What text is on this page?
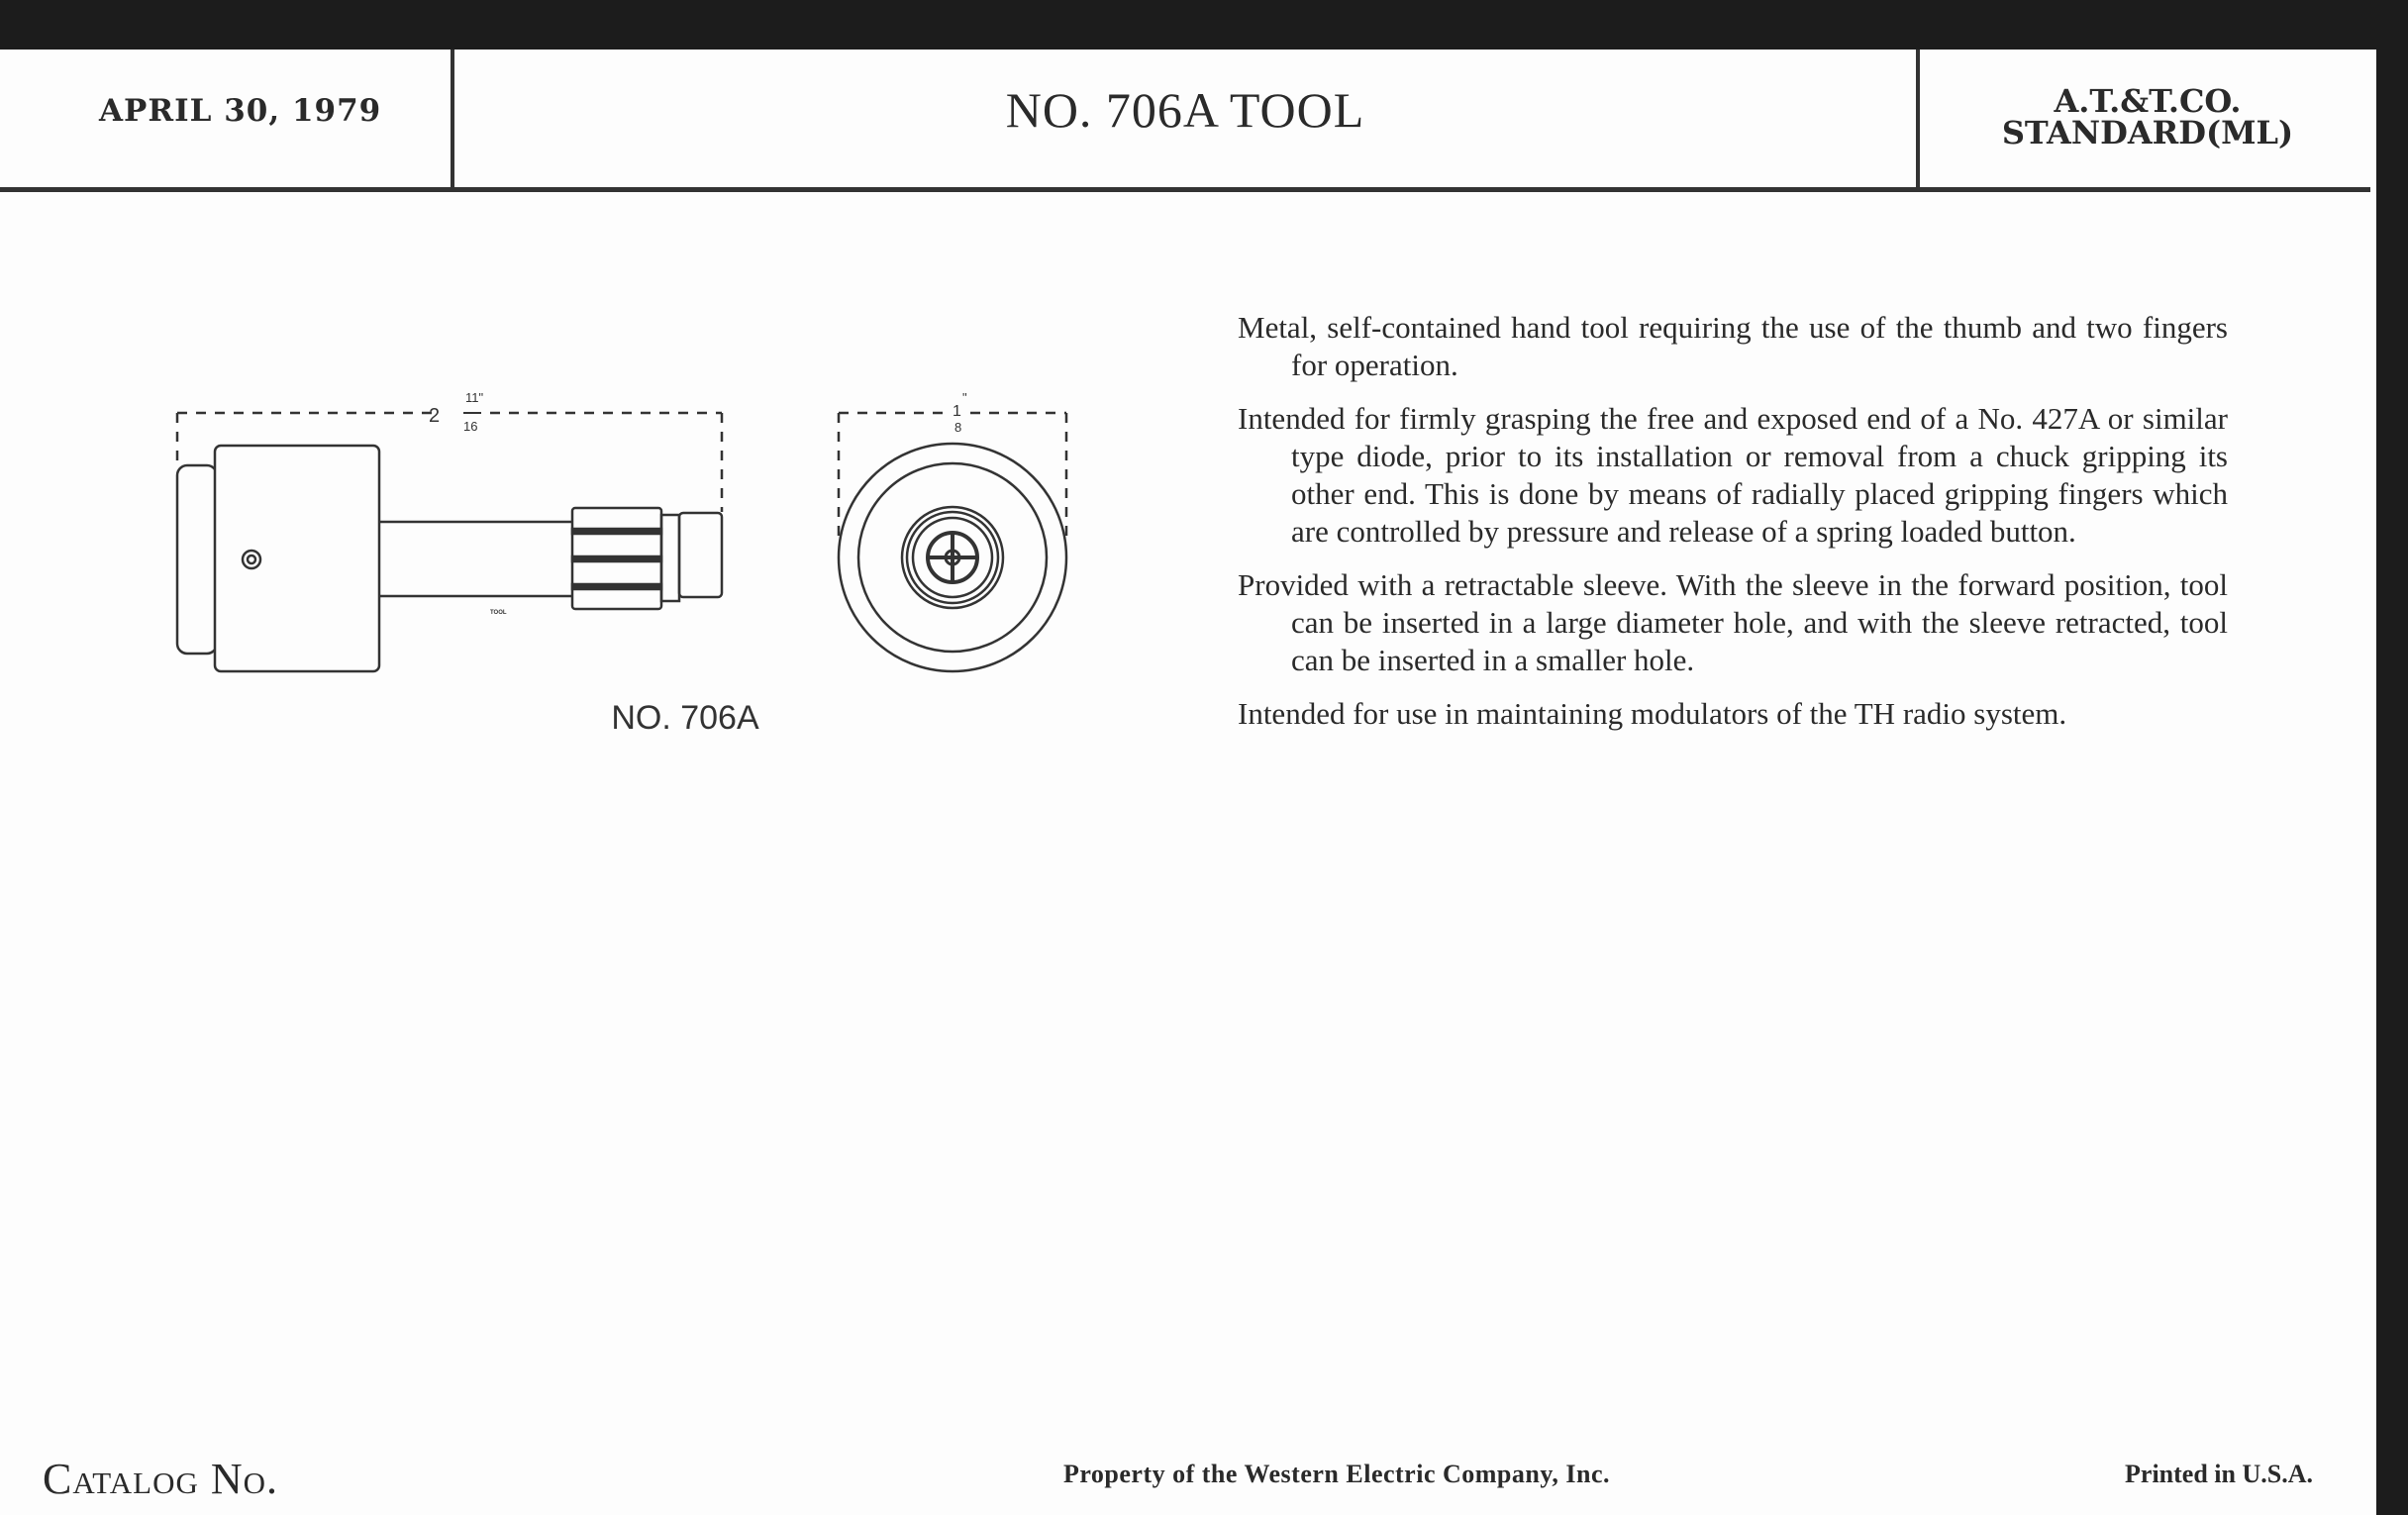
APRIL 30, 1979	NO. 706A TOOL	A.T.&T.CO.
STANDARD(ML)
2
11"
16
TOOL
1
"
8
NO. 706A

Metal, self-contained hand tool requiring the use of the thumb and two fingers for operation.

Intended for firmly grasping the free and exposed end of a No. 427A or similar type diode, prior to its installation or removal from a chuck gripping its other end. This is done by means of radially placed gripping fingers which are controlled by pressure and release of a spring loaded button.

Provided with a retractable sleeve. With the sleeve in the forward position, tool can be inserted in a large diameter hole, and with the sleeve retracted, tool can be inserted in a smaller hole.

Intended for use in maintaining modulators of the TH radio system.

Catalog No.	Property of the Western Electric Company, Inc.	Printed in U.S.A.
